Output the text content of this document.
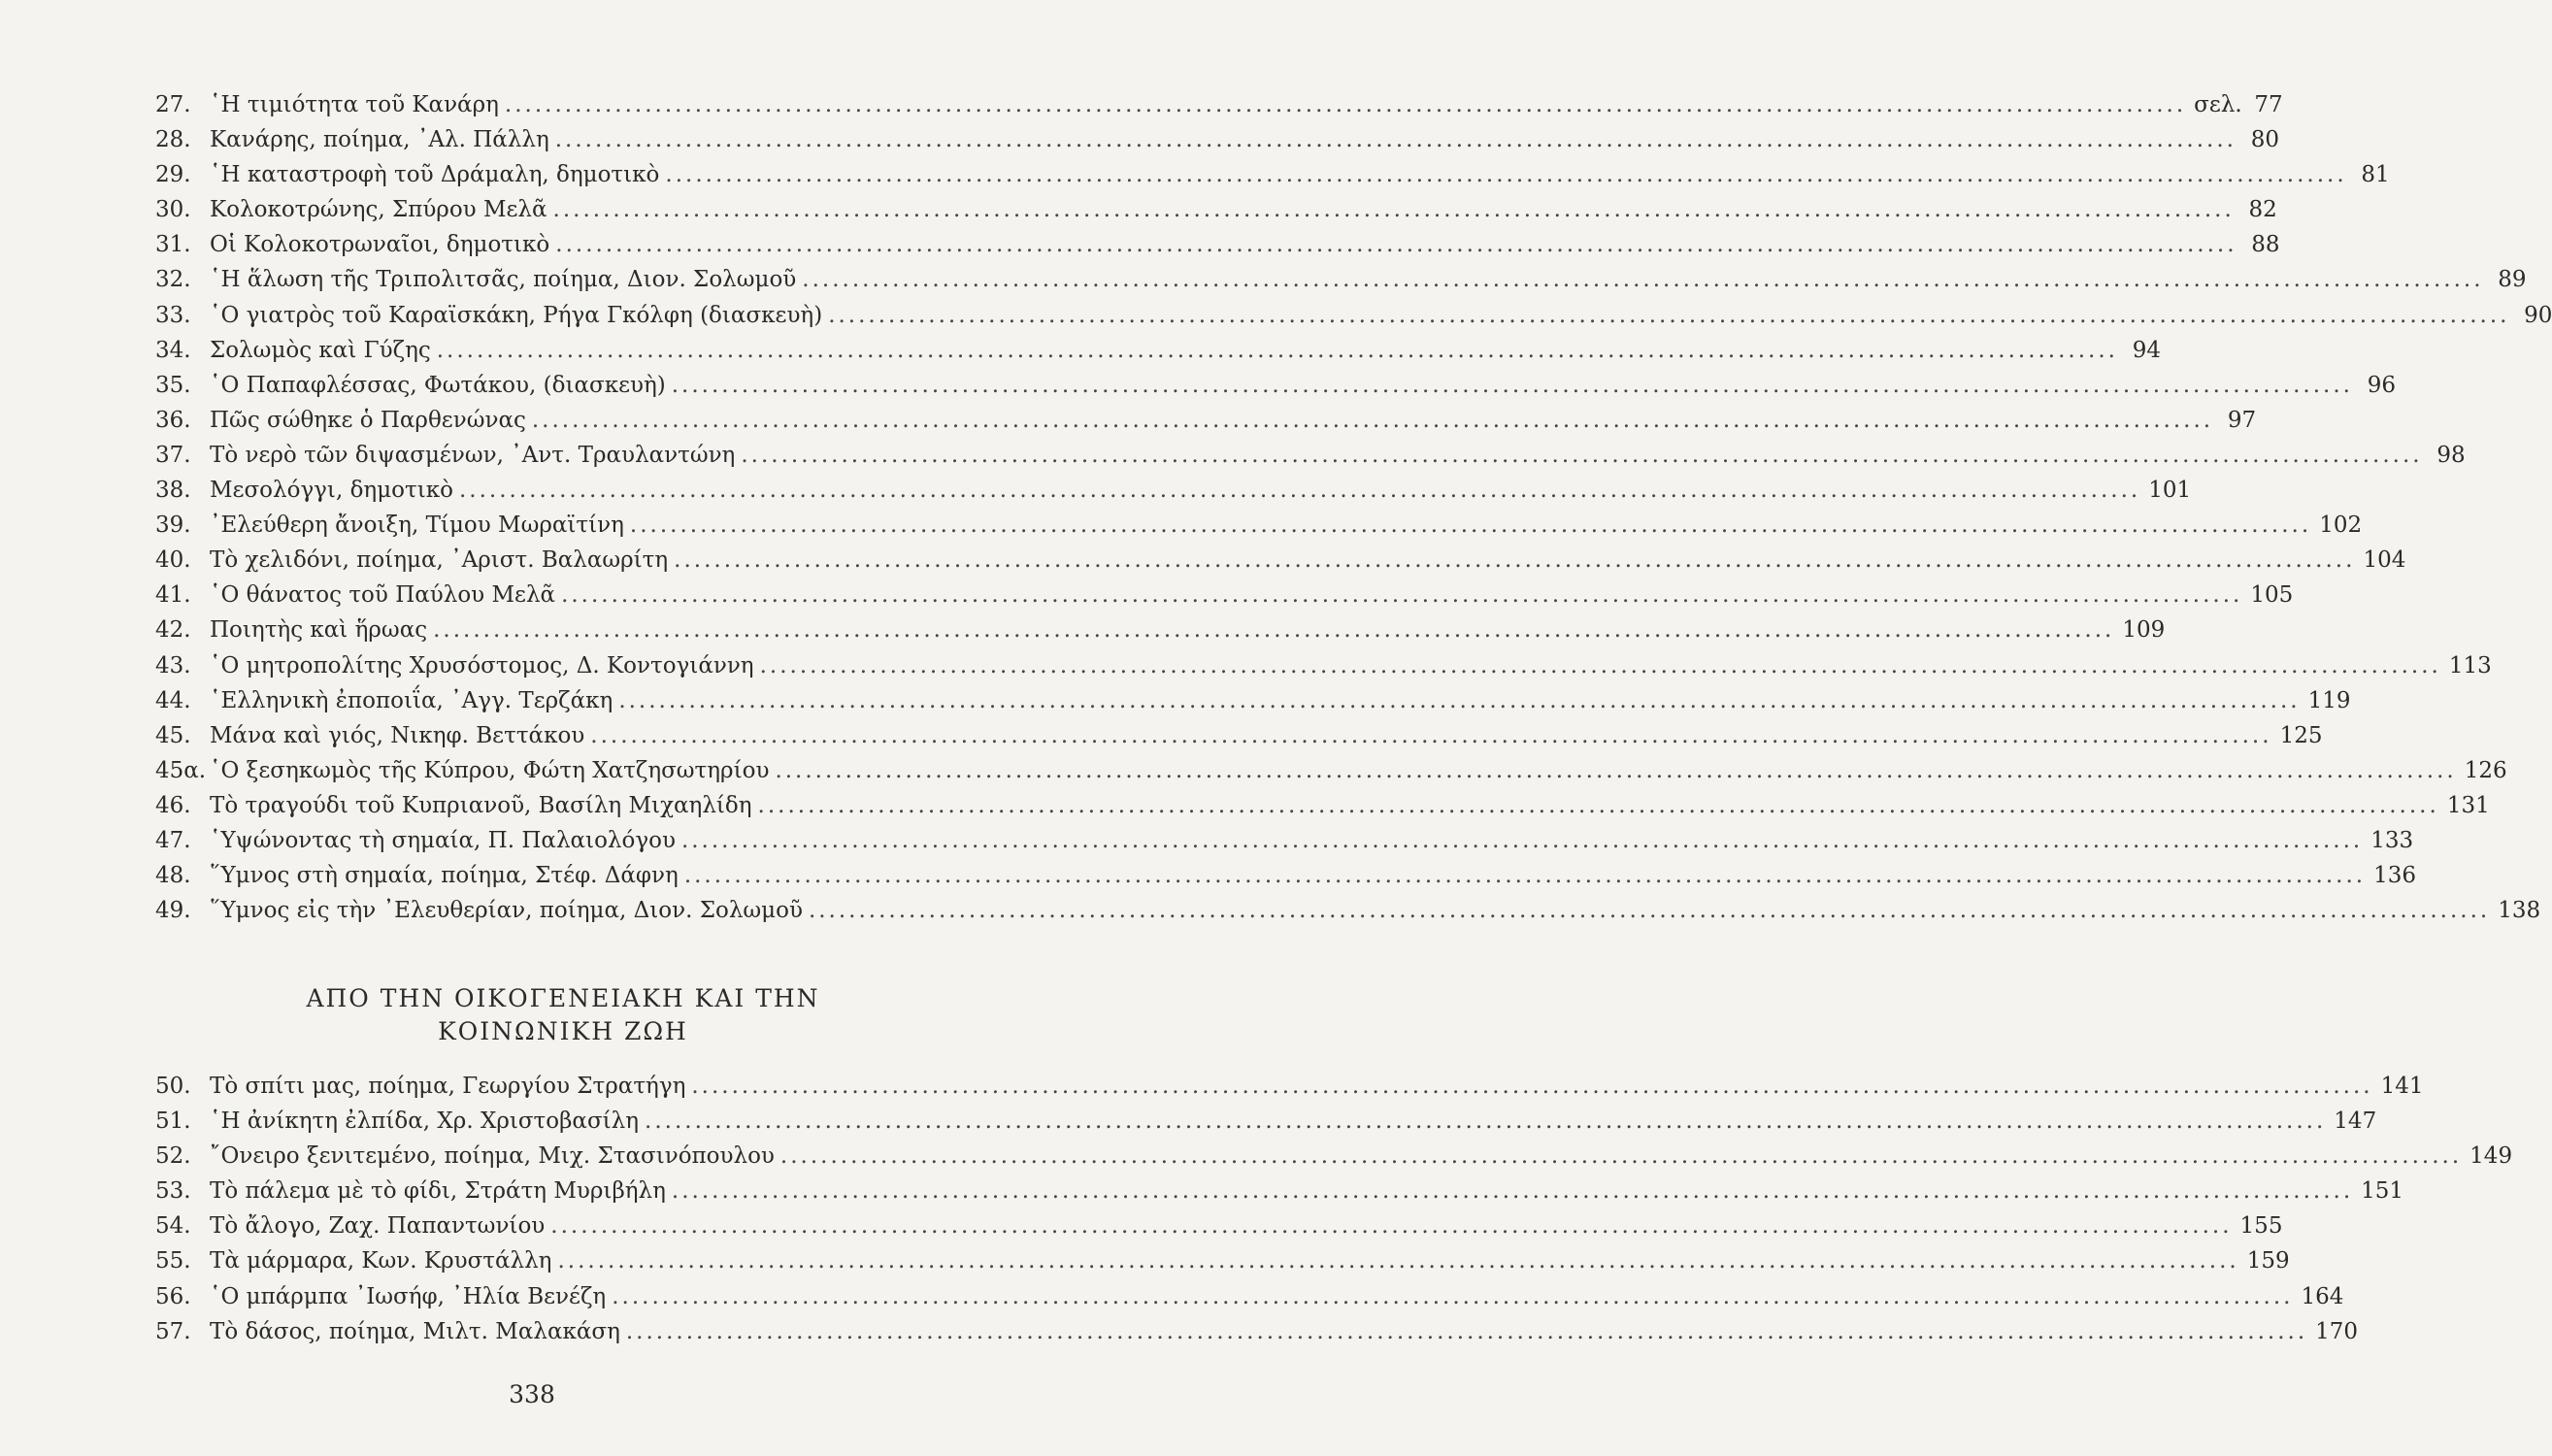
27. ῾Η τιμιότητα τοῦ Κανάρη .....	σελ. 77
28. Κανάρης, ποίημα, ᾿Αλ. Πάλλη .....	80
29. ῾Η καταστροφὴ τοῦ Δράμαλη, δημοτικὸ .....	81
30. Κολοκοτρώνης, Σπύρου Μελᾶ .....	82
31. Οἱ Κολοκοτρωναῖοι, δημοτικὸ .....	88
32. ῾Η ἅλωση τῆς Τριπολιτσᾶς, ποίημα, Διον. Σολωμοῦ .....	89
33. ῾Ο γιατρὸς τοῦ Καραϊσκάκη, Ρήγα Γκόλφη (διασκευὴ) .....	90
34. Σολωμὸς καὶ Γύζης .....	94
35. ῾Ο Παπαφλέσσας, Φωτάκου, (διασκευὴ) .....	96
36. Πῶς σώθηκε ὁ Παρθενώνας .....	97
37. Τὸ νερὸ τῶν διψασμένων, ᾿Αντ. Τραυλαντώνη .....	98
38. Μεσολόγγι, δημοτικὸ .....	101
39. ᾿Ελεύθερη ἄνοιξη, Τίμου Μωραϊτίνη .....	102
40. Τὸ χελιδόνι, ποίημα, ᾿Αριστ. Βαλαωρίτη .....	104
41. ῾Ο θάνατος τοῦ Παύλου Μελᾶ .....	105
42. Ποιητὴς καὶ ἥρωας .....	109
43. ῾Ο μητροπολίτης Χρυσόστομος, Δ. Κοντογιάννη .....	113
44. ῾Ελληνικὴ ἐποποιΐα, ᾿Αγγ. Τερζάκη .....	119
45. Μάνα καὶ γιός, Νικηφ. Βεττάκου .....	125
45α. ῾Ο ξεσηκωμὸς τῆς Κύπρου, Φώτη Χατζησωτηρίου .....	126
46. Τὸ τραγούδι τοῦ Κυπριανοῦ, Βασίλη Μιχαηλίδη .....	131
47. ῾Υψώνοντας τὴ σημαία, Π. Παλαιολόγου .....	133
48. ῞Υμνος στὴ σημαία, ποίημα, Στέφ. Δάφνη .....	136
49. ῞Υμνος εἰς τὴν ᾿Ελευθερίαν, ποίημα, Διον. Σολωμοῦ .....	138
ΑΠΟ ΤΗΝ ΟΙΚΟΓΕΝΕΙΑΚΗ ΚΑΙ ΤΗΝ
ΚΟΙΝΩΝΙΚΗ ΖΩΗ
50. Τὸ σπίτι μας, ποίημα, Γεωργίου Στρατήγη .....	141
51. ῾Η ἀνίκητη ἐλπίδα, Χρ. Χριστοβασίλη .....	147
52. ῎Ονειρο ξενιτεμένο, ποίημα, Μιχ. Στασινόπουλου .....	149
53. Τὸ πάλεμα μὲ τὸ φίδι, Στράτη Μυριβήλη .....	151
54. Τὸ ἄλογο, Ζαχ. Παπαντωνίου .....	155
55. Τὰ μάρμαρα, Κων. Κρυστάλλη .....	159
56. ῾Ο μπάρμπα ᾿Ιωσήφ, ᾿Ηλία Βενέζη .....	164
57. Τὸ δάσος, ποίημα, Μιλτ. Μαλακάση .....	170
338
